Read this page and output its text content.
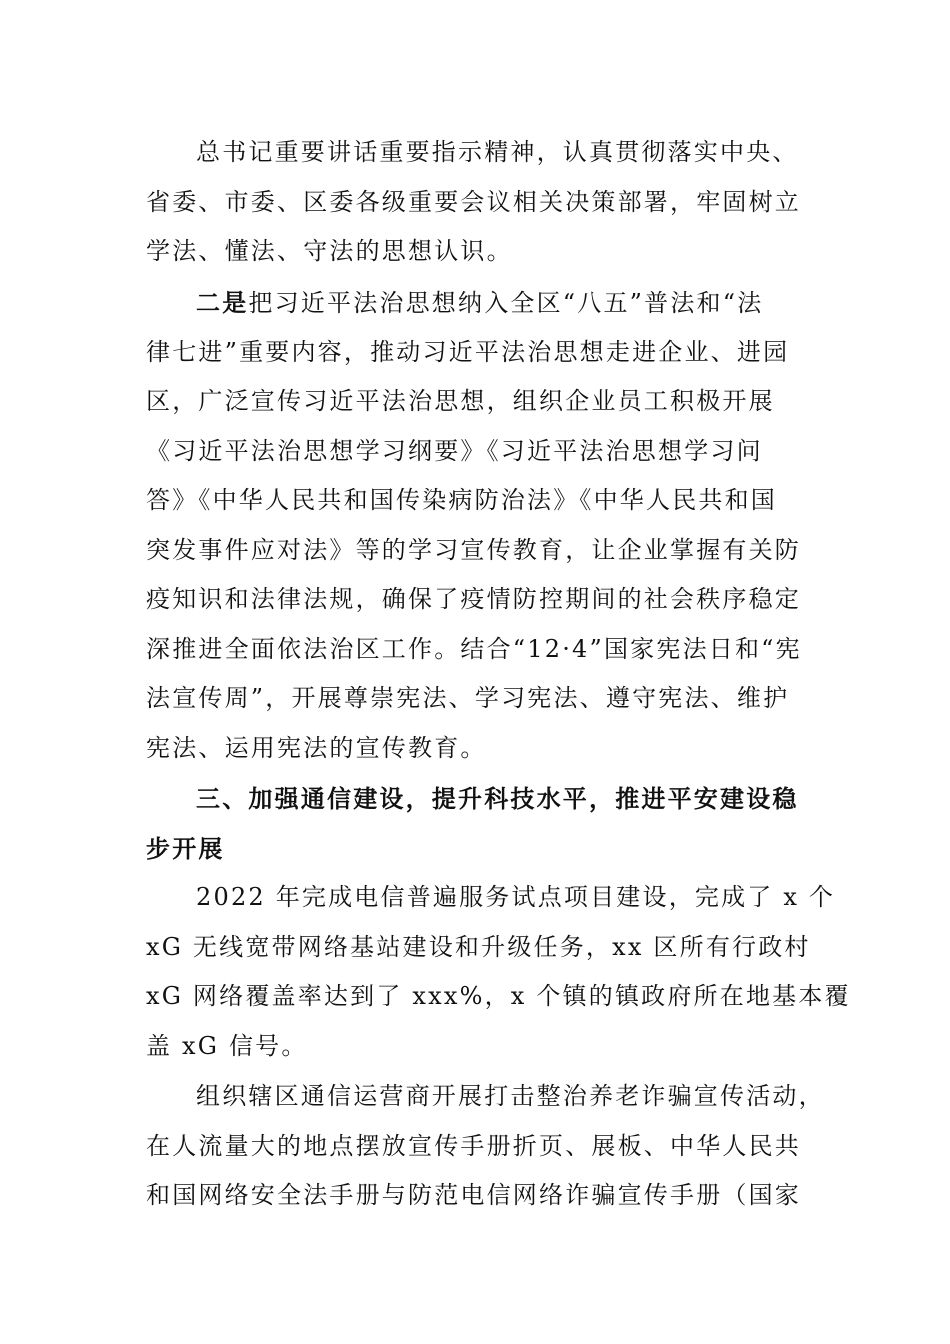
总书记重要讲话重要指示精神，认真贯彻落实中央、
省委、市委、区委各级重要会议相关决策部署，牢固树立
学法、懂法、守法的思想认识。
二是把习近平法治思想纳入全区“八五”普法和“法
律七进”重要内容，推动习近平法治思想走进企业、进园
区，广泛宣传习近平法治思想，组织企业员工积极开展
《习近平法治思想学习纲要》《习近平法治思想学习问
答》《中华人民共和国传染病防治法》《中华人民共和国
突发事件应对法》等的学习宣传教育，让企业掌握有关防
疫知识和法律法规，确保了疫情防控期间的社会秩序稳定
深推进全面依法治区工作。结合“12·4”国家宪法日和“宪
法宣传周”，开展尊崇宪法、学习宪法、遵守宪法、维护
宪法、运用宪法的宣传教育。
三、加强通信建设，提升科技水平，推进平安建设稳
步开展
2022 年完成电信普遍服务试点项目建设，完成了 x 个
xG 无线宽带网络基站建设和升级任务，xx 区所有行政村
xG 网络覆盖率达到了 xxx%，x 个镇的镇政府所在地基本覆
盖 xG 信号。
组织辖区通信运营商开展打击整治养老诈骗宣传活动，
在人流量大的地点摆放宣传手册折页、展板、中华人民共
和国网络安全法手册与防范电信网络诈骗宣传手册（国家
